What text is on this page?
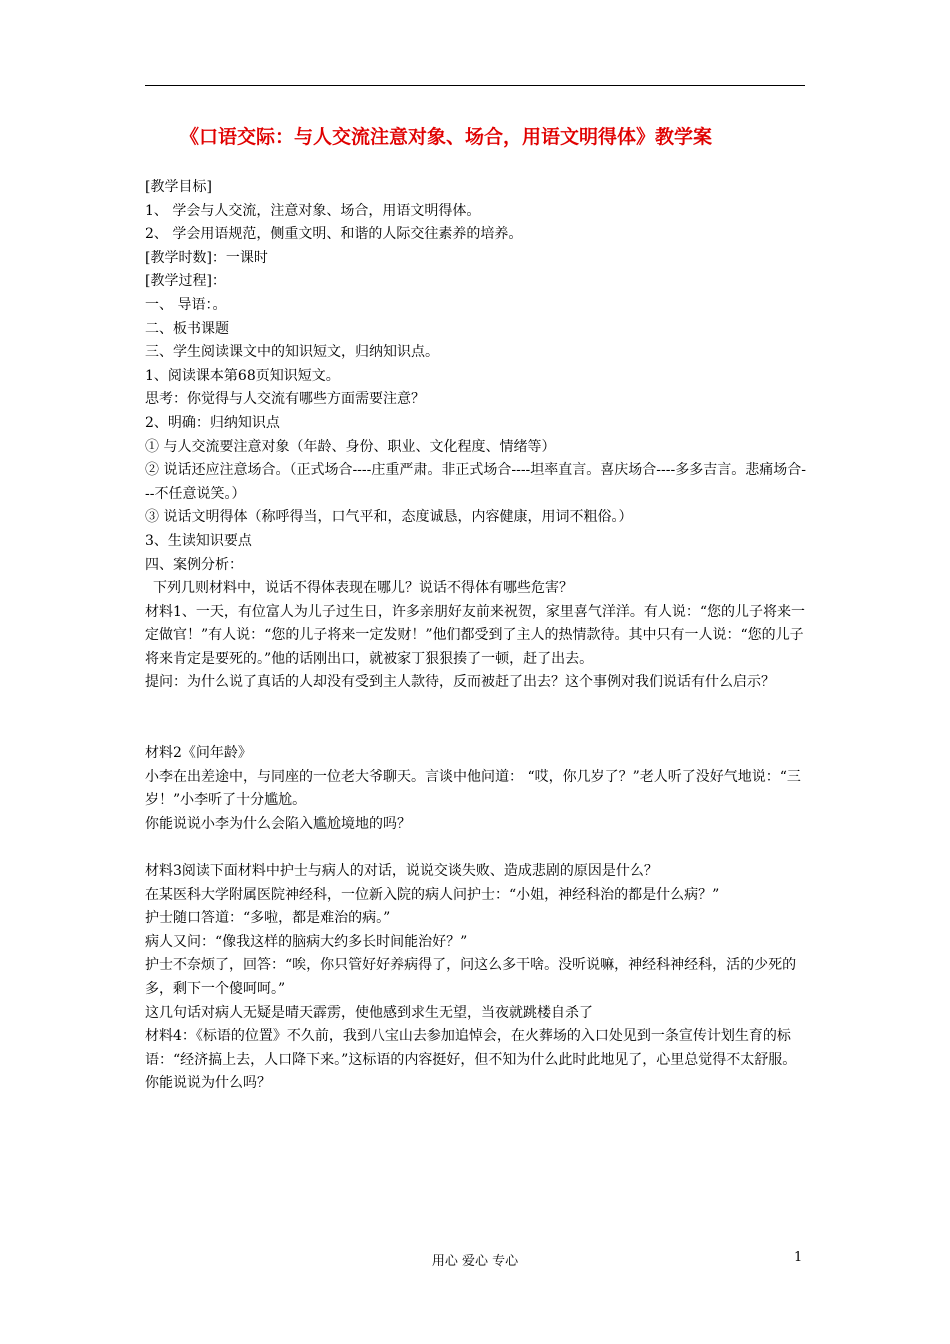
《口语交际：与人交流注意对象、场合，用语文明得体》教学案
[教学目标]
1、 学会与人交流，注意对象、场合，用语文明得体。
2、 学会用语规范，侧重文明、和谐的人际交往素养的培养。
[教学时数]：一课时
[教学过程]：
一、 导语：。
二、板书课题
三、学生阅读课文中的知识短文，归纳知识点。
1、阅读课本第68页知识短文。
思考：你觉得与人交流有哪些方面需要注意？
2、明确：归纳知识点
① 与人交流要注意对象（年龄、身份、职业、文化程度、情绪等）
② 说话还应注意场合。（正式场合----庄重严肃。非正式场合----坦率直言。喜庆场合----多多吉言。悲痛场合---不任意说笑。）
③ 说话文明得体（称呼得当，口气平和，态度诚恳，内容健康，用词不粗俗。）
3、生读知识要点
四、案例分析：
下列几则材料中，说话不得体表现在哪儿？说话不得体有哪些危害？
材料1、一天，有位富人为儿子过生日，许多亲朋好友前来祝贺，家里喜气洋洋。有人说：“您的儿子将来一定做官！”有人说：“您的儿子将来一定发财！”他们都受到了主人的热情款待。其中只有一人说：“您的儿子将来肯定是要死的。”他的话刚出口，就被家丁狠狠揍了一顿，赶了出去。
提问：为什么说了真话的人却没有受到主人款待，反而被赶了出去？这个事例对我们说话有什么启示？
材料2《问年龄》
小李在出差途中，与同座的一位老大爷聊天。言谈中他问道： “哎，你几岁了？”老人听了没好气地说：“三岁！”小李听了十分尴尬。
你能说说小李为什么会陷入尴尬境地的吗？
材料3阅读下面材料中护士与病人的对话，说说交谈失败、造成悲剧的原因是什么？
在某医科大学附属医院神经科，一位新入院的病人问护士：“小姐，神经科治的都是什么病？”
护士随口答道：“多啦，都是难治的病。”
病人又问：“像我这样的脑病大约多长时间能治好？”
护士不奈烦了，回答：“唉，你只管好好养病得了，问这么多干啥。没听说嘛，神经科神经科，活的少死的多，剩下一个傻呵呵。”
这几句话对病人无疑是晴天霹雳，使他感到求生无望，当夜就跳楼自杀了
材料4：《标语的位置》不久前，我到八宝山去参加追悼会，在火葬场的入口处见到一条宣传计划生育的标语：“经济搞上去，人口降下来。”这标语的内容挺好，但不知为什么此时此地见了，心里总觉得不太舒服。你能说说为什么吗？
用心 爱心 专心	1
